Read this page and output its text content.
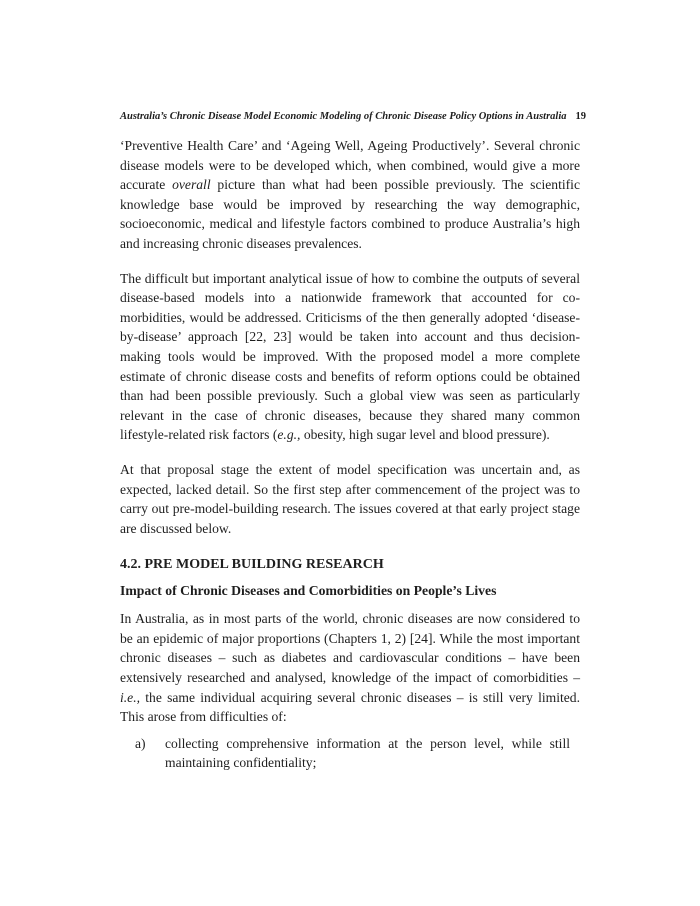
Australia’s Chronic Disease Model Economic Modeling of Chronic Disease Policy Options in Australia 19

‘Preventive Health Care’ and ‘Ageing Well, Ageing Productively’. Several chronic disease models were to be developed which, when combined, would give a more accurate overall picture than what had been possible previously. The scientific knowledge base would be improved by researching the way demographic, socioeconomic, medical and lifestyle factors combined to produce Australia’s high and increasing chronic diseases prevalences.

The difficult but important analytical issue of how to combine the outputs of several disease-based models into a nationwide framework that accounted for co-morbidities, would be addressed. Criticisms of the then generally adopted ‘disease-by-disease’ approach [22, 23] would be taken into account and thus decision-making tools would be improved. With the proposed model a more complete estimate of chronic disease costs and benefits of reform options could be obtained than had been possible previously. Such a global view was seen as particularly relevant in the case of chronic diseases, because they shared many common lifestyle-related risk factors (e.g., obesity, high sugar level and blood pressure).

At that proposal stage the extent of model specification was uncertain and, as expected, lacked detail. So the first step after commencement of the project was to carry out pre-model-building research. The issues covered at that early project stage are discussed below.

4.2. PRE MODEL BUILDING RESEARCH
Impact of Chronic Diseases and Comorbidities on People’s Lives

In Australia, as in most parts of the world, chronic diseases are now considered to be an epidemic of major proportions (Chapters 1, 2) [24]. While the most important chronic diseases – such as diabetes and cardiovascular conditions – have been extensively researched and analysed, knowledge of the impact of comorbidities – i.e., the same individual acquiring several chronic diseases – is still very limited. This arose from difficulties of:

a)	collecting comprehensive information at the person level, while still maintaining confidentiality;
